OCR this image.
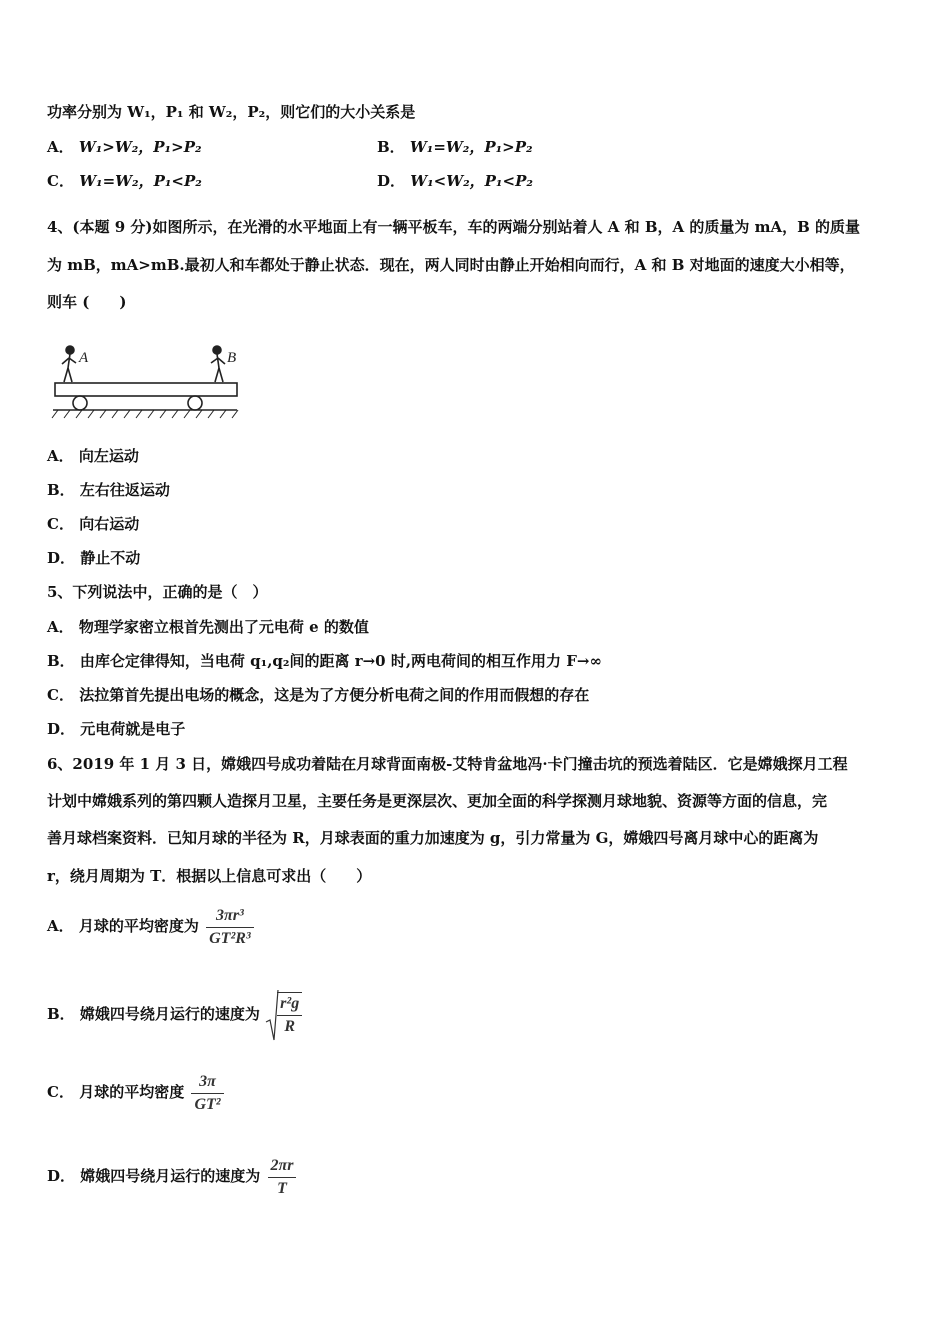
功率分别为 W₁，P₁ 和 W₂，P₂，则它们的大小关系是
A． W₁>W₂，P₁>P₂	B． W₁=W₂，P₁>P₂
C． W₁=W₂，P₁<P₂	D． W₁<W₂，P₁<P₂
4、(本题 9 分)如图所示，在光滑的水平地面上有一辆平板车，车的两端分别站着人 A 和 B，A 的质量为 mA，B 的质量
为 mB，mA>mB.最初人和车都处于静止状态．现在，两人同时由静止开始相向而行，A 和 B 对地面的速度大小相等，
则车 (　　)
A	B
A． 向左运动
B． 左右往返运动
C． 向右运动
D． 静止不动
5、下列说法中，正确的是（　）
A． 物理学家密立根首先测出了元电荷 e 的数值
B． 由库仑定律得知，当电荷 q₁,q₂间的距离 r→0 时,两电荷间的相互作用力 F→∞
C． 法拉第首先提出电场的概念，这是为了方便分析电荷之间的作用而假想的存在
D． 元电荷就是电子
6、2019 年 1 月 3 日，嫦娥四号成功着陆在月球背面南极-艾特肯盆地冯·卡门撞击坑的预选着陆区．它是嫦娥探月工程
计划中嫦娥系列的第四颗人造探月卫星，主要任务是更深层次、更加全面的科学探测月球地貌、资源等方面的信息，完
善月球档案资料．已知月球的半径为 R，月球表面的重力加速度为 g，引力常量为 G，嫦娥四号离月球中心的距离为
r，绕月周期为 T．根据以上信息可求出（　　）
A． 月球的平均密度为 $\frac{\text{3πr³}}{\text{GT²R³}}$
B． 嫦娥四号绕月运行的速度为 $\frac{\text{r²g}}{R}$
C． 月球的平均密度 $\frac{3\pi}{\text{GT²}}$
D． 嫦娥四号绕月运行的速度为 $\frac{2\pi r}{T}$
